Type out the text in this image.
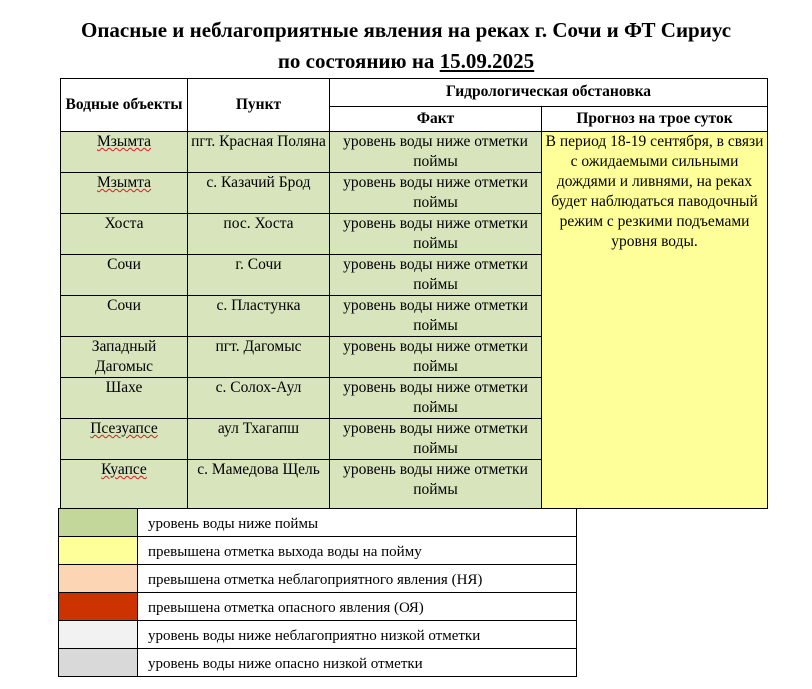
Опасные и неблагоприятные явления на реках г. Сочи и ФТ Сириус
по состоянию на 15.09.2025
Водные объекты	Пункт	Гидрологическая обстановка	
		Факт	Прогноз на трое суток
Мзымта	пгт. Красная Поляна	уровень воды ниже отметки поймы	В период 18-19 сентября, в связи с ожидаемыми сильными дождями и ливнями, на реках будет наблюдаться паводочный режим с резкими подъемами уровня воды.
Мзымта	с. Казачий Брод	уровень воды ниже отметки поймы	
Хоста	пос. Хоста	уровень воды ниже отметки поймы	
Сочи	г. Сочи	уровень воды ниже отметки поймы	
Сочи	с. Пластунка	уровень воды ниже отметки поймы	
Западный Дагомыс	пгт. Дагомыс	уровень воды ниже отметки поймы	
Шахе	с. Солох-Аул	уровень воды ниже отметки поймы	
Псезуапсе	аул Тхагапш	уровень воды ниже отметки поймы	
Куапсе	с. Мамедова Щель	уровень воды ниже отметки поймы	
	уровень воды ниже поймы
	превышена отметка выхода воды на пойму
	превышена отметка неблагоприятного явления (НЯ)
	превышена отметка опасного явления (ОЯ)
	уровень воды ниже неблагоприятно низкой отметки
	уровень воды ниже опасно низкой отметки
